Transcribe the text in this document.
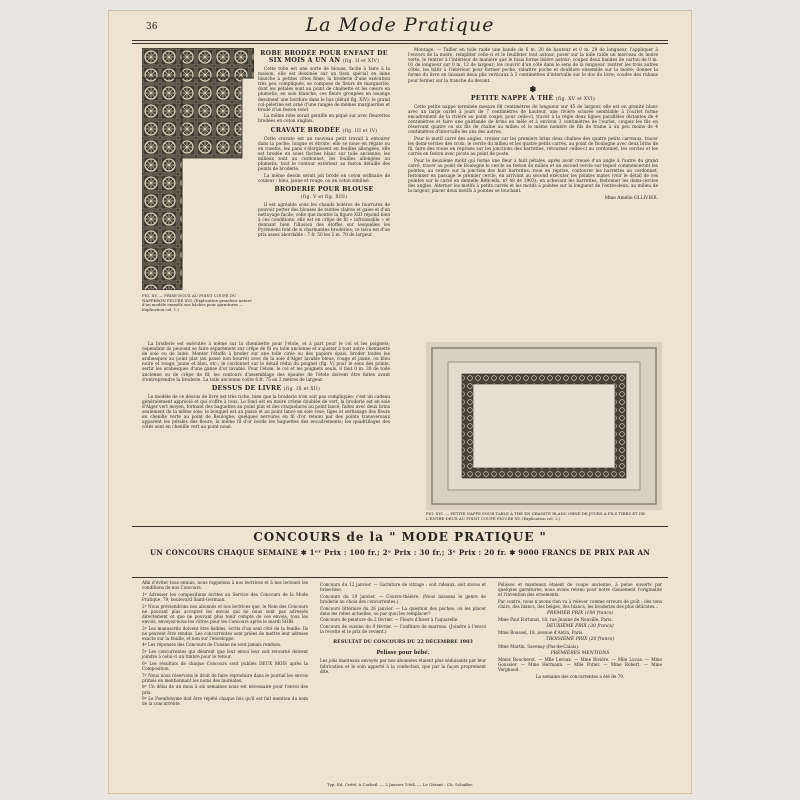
36	La Mode Pratique
FIG. XV. — FRISE-DOUX AU POINT COUPÉ DU NAPPERON FIGURE XVI. (Explication grandeur nature d'un modèle emmêlé sur bâches pour garnitures — Explication col. 1.)
ROBE BRODÉE POUR ENFANT DE SIX MOIS A UN AN (fig. II et XIV)

Cette robe est une sorte de blouse, facile à faire à la maison, elle est dessinée sur un tissu spécial en laine blanche à petites côtes fines; la broderie d'une exécution très peu compliquée, se compose de fleurs de marguerite, dont les pétales sont au point de chaînette et les cœurs en plumetis, en soie blanche; ces fleurs groupées en losange dessinent une bordure dans le bas (détail fig. XIV); le grand col-pèlerine est orné d'une rangée de mêmes marguerites et brodé d'un feston rond.

La même robe serait gentille en piqué sur avec fleurettes brodées en coton anglais.

CRAVATE BRODÉE (fig. III et IV)

Cette cravate est un nouveau petit travail à entourer dans la poche; longue et étroite, elle se noue en régate ou en rosette, les pans s'élargissent en feuilles allongées, elle est brodée en soies floches blanc sur toile ancienne; les milieux sont au cordonnet, les feuilles allongées au plumetis, tout le contour extérieur au feston détaillé des points de broderie.

La même dessin serait joli brodé en coton ordinaire de couleur : bleu, jaune et rouge, ou en coton similisé.

BRODERIE POUR BLOUSE
(fig. V et fig. XIII)

Il est agréable sous les chauds boléros de fourrures de pouvoir porter des blouses de teintes claires et gaies et d'un nettoyage facile; celle que montre la figure XIII répond bien à ces conditions; elle est en crêpe de fil « infroissable » et donnant bien l'illusion des étoffes sur lesquelles les Pyrénéens font de si charmantes broderies; ce tissu est d'un prix assez abordable : 7 fr. 50 les 2 m. 70 de largeur.

La broderie est exécutée à même sur la chemisette pour l'étole, et à part pour le col et les poignets; cependant ils peuvent se faire séparément sur crêpe de fil ou toile ancienne et s'ajuster à tout autre chemisette de soie ou de laine. Monter l'étoffe à broder sur une toile cirée ou des papiers épais, broder toutes les arabesques au point plat (au passé non bourré) avec de la soie d'Alger lavable bleue, rouge et jaune, ou bleu noire et rouge; jaune et bleu, etc.; le cordonnet sur le détail rédui du poignet (fig. V) pour le sens des points, sertir les arabesques d'une ganse d'or lavable. Pour l'étole, le col et les poignets seuls, il faut 0 m. 30 de toile ancienne ou de crêpe de fil; les contours d'assemblage des épaules de l'étole doivent être faites avant d'entreprendre la broderie. La toile ancienne coûte 6 fr. 75 en 2 mètres de largeur.

DESSUS DE LIVRE (fig. IX et XII)

Le modèle de ce dessus de livre est très riche, bien que la broderie n'en soit pas compliquée; c'est un cadeau généralement apprécié et qui s'offre à tous. Le fond est en moire crème doublée de vert, la broderie est en soie d'Alger vert moyen, formant des baguettes au point plat et des craquelures au point lancé, faites avec deux brins seulement de la même soie; le bouquet est au passé et au point lancé en soie rose; tiges et sertissage des fleurs en chenille verte au point de Boulogne; quelques nervures en fil d'or retenu par des points transversaux apparent les pétales des fleurs; la même fil d'or borde les baguettes des encadrements; les quadrillages des côtés sont en chenille vert au point noué.

Montage. — Tailler en toile raide une bande de 6 m. 20 de hauteur et 0 m. 29 de longueur, l'appliquer à l'envers de la moire, rempliter celle-ci et le feuilleter tout autour; poser sur la toile raide un morceau de moire verte, le rentrer à l'intérieur de manière que le biais forme lisière autour; coupez deux bandes de carton de 0 m. 01 de longueur sur 0 m. 12 de largeur; les couvrir d'un côté dans le sens de la longueur, rentrer les trois autres côtés, les bâtir à l'intérieur pour former poche, rabattre poche et doublure ensemble sur la moire; donner la forme du livre en laissant deux plis verticaux à 3 centimètres d'intervalle sur le dos du livre; coudre des rubans pour fermer sur la tranche du devant.

✽
PETITE NAPPE A THÉ (fig. XV et XVI)

Cette petite nappe terminée mesure 68 centimètres de longueur sur 45 de largeur, elle est en granité blanc avec un large ourlet à jours de 7 centimètres de hauteur, une rivière sciurée semblable à l'ourlet forme encadrement de la rivière au point coupé; pour celle-ci, tracer à la règle deux lignes parallèles distantes de 4 centimètres et faire une guirlande de brins en mêle et à environ 3 centimètres de l'ourlet, coupez les fils en réservant quatre ou six fils de chaîne au milieu et le même nombre de fils de trame à un peu moins de 4 centimètres d'intervalle les uns des autres.

Pour le motif carré des angles, croiser sur les premiers brins deux chaînes des quatre petits carreaux, tracer les demi-cercles des croix; le cercle du milieu et les quatre petits carrés, au point de Boulogne avec deux brins de fil, faire des roues en reprises sur les jonctions des barrettes, retourner celles-ci au cordonnet, les cercles et les carrés en feston avec picots au point de poste.

Pour le deuxième motif qui forme une fleur à huit pétales, après avoir creusé d'un angle à l'autre du grand carré, tracer au point de Boulogne le cercle au feston du milieu et un second cercle sur lequel commenceront les pointes; au centre sur la jonction des huit barrettes: roue en reprise, contourer les barrettes au cordonnet, festonner en passage le premier cercle, en arrivant au second exécuter les pointes mates (voir le détail de ces pointes sur le carré en dentelle Réticella, nº 48 de 1903); en achevant les barrettes, festonner les demi-cercles des angles. Alterner les motifs à petits carrés et les motifs à pointes sur la longueur de l'entre-deux; au milieu de la largeur, placer deux motifs à pointes se touchant.

Mme Amélie OLLIVIER.
FIG. XVI. — PETITE NAPPE POUR TABLE À THÉ EN GRANITÉ BLANC ORNÉ DE JOURS À FILS TIRÉS ET DE L'ENTRE-DEUX AU POINT COUPÉ FIGURE XV. (Explication col. 2.)
CONCOURS de la " MODE PRATIQUE "
UN CONCOURS CHAQUE SEMAINE ✱ 1ᵉʳ Prix : 100 fr.; 2ᵉ Prix : 30 fr.; 3ᵉ Prix : 20 fr. ✱ 9000 FRANCS DE PRIX PAR AN

Afin d'éviter tous ennuis, nous rappelons à nos lectrices et à nos lecteurs les conditions de nos Concours.

1º Adresser les compositions écrites au Service des Concours de la Mode Pratique, 79, boulevard Saint-Germain.

2º Nous préviendrons nos abonnés et nos lectrices que, le Nom des Concours ne pouvant plus accepter les envois qui ne nous sont pas adressés directement et que ne pouvant plus tenir compte de ces envois, tous les envois, envoyez-nous les vôtres pour les Concours après le mardi SOIR.

3º Les manuscrits doivent être lisibles, écrits d'un seul côté de la feuille. Ils ne peuvent être rendus. Les concurrentes sont priées de mettre leur adresse exacte sur la feuille, et non sur l'enveloppe.

4º Les réponses des Concours de Cuisine ne sont jamais rendues.

5º Les concurrentes qui désirent que leur envoi leur soit retourné doivent joindre à celui-ci un timbre pour le retour.

6º Les résultats de chaque Concours sont publiés DEUX MOIS après la Composition.

7º Nous nous réservons le droit de faire reproduire dans le journal les envois primés en mentionnant les noms des lauréates.

8º Un délai de un mois à six semaines nous est nécessaire pour l'envoi des prix.

9º Le Pseudonyme doit être répété chaque fois qu'il est fait mention du nom de la concurrente.

Concours du 12 janvier. — Garniture de vitrage : soit rideaux, soit stores et brise-bise.

Concours du 19 janvier. — Couvre-théière. (Nous laissons le genre de broderie au choix des concurrentes.)

Concours littéraire du 26 janvier. — La question des poches; où les placer dans les robes actuelles, ou par quoi les remplacer?

Concours de peinture du 2 février. — Fleurs d'hiver à l'aquarelle.

Concours de cuisine du 9 février. — Confiture de marrons. (Joindre à l'envoi la recette et le prix de revient.)

RÉSULTAT DU CONCOURS DU 22 DÉCEMBRE 1903
Pelisse pour bébé.

Les jolis manteaux envoyés par nos abonnées étaient plus séduisants par leur fabrication et le soin apporté à la confection, que par la façon proprement dite.

Pelisses et manteaux étaient de coupe ancienne, à peine ouverts par quelques garnitures; nous avons retenu pour notre classement l'originalité et l'invention des ornements.

Par contre, nous n'avons rien vu à relever comme erreurs de goût : des tons clairs, des blancs, des beiges, des blancs, les broderies des plus délicates...

PREMIER PRIX (100 francs)

Mme Paul Fortunat, 18, rue Jeanne de Neuville, Paris.

DEUXIÈME PRIX (30 francs)

Mme Roussel, 18, avenue d'Antin, Paris.

TROISIÈME PRIX (20 francs)

Mme Martin, Savenay (Pas-de-Calais).

PREMIÈRES MENTIONS

Mmes Boucherot. — Mlle Leroux. — Mme Rivière. — Mlle Lucas. — Mme Goussier. — Mme Hermann. — Mlle Potier. — Mme Robert. — Mme Vergnaud.

La semaine des concurrentes a été de 79.

Typ. Ed. Crété, à Corbeil. — 2 Janvier 1904. — Le Gérant : Ch. Schaffer.
